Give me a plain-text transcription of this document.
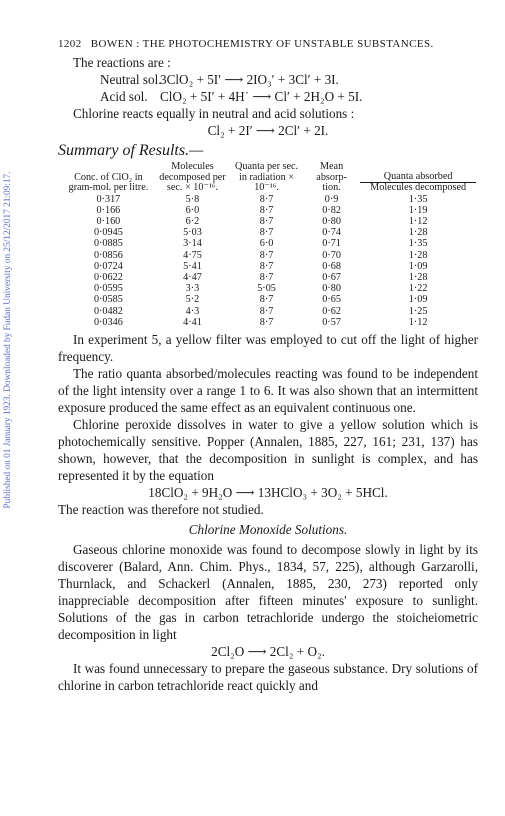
Published on 01 January 1923. Downloaded by Fudan University on 25/12/2017 21:09:17.
1202 BOWEN : THE PHOTOCHEMISTRY OF UNSTABLE SUBSTANCES.

The reactions are :

Neutral sol.
3ClO₂ + 5I′ ⟶ 2IO₃′ + 3Cl′ + 3I.
Acid sol. ClO₂ + 5I′ + 4H˙ ⟶ Cl′ + 2H₂O + 5I.

Chlorine reacts equally in neutral and acid solutions :

Cl₂ + 2I′ ⟶ 2Cl′ + 2I.
Summary of Results.—
Conc. of ClO₂ in gram-mol. per litre.	Molecules decomposed per sec. × 10⁻¹⁶.	Quanta per sec. in radiation × 10⁻¹⁶.	Mean absorp- tion.	Quanta absorbed
Molecules decomposed

0·317	5·8	8·7	0·9	1·35
0·166	6·0	8·7	0·82	1·19
0·160	6·2	8·7	0·80	1·12
0·0945	5·03	8·7	0·74	1·28
0·0885	3·14	6·0	0·71	1·35
0·0856	4·75	8·7	0·70	1·28
0·0724	5·41	8·7	0·68	1·09
0·0622	4·47	8·7	0·67	1·28
0·0595	3·3	5·05	0·80	1·22
0·0585	5·2	8·7	0·65	1·09
0·0482	4·3	8·7	0·62	1·25
0·0346	4·41	8·7	0·57	1·12

In experiment 5, a yellow filter was employed to cut off the light of higher frequency.

The ratio quanta absorbed/molecules reacting was found to be independent of the light intensity over a range 1 to 6. It was also shown that an intermittent exposure produced the same effect as an equivalent continuous one.

Chlorine peroxide dissolves in water to give a yellow solution which is photochemically sensitive. Popper (Annalen, 1885, 227, 161; 231, 137) has shown, however, that the decomposition in sunlight is complex, and has represented it by the equation

18ClO₂ + 9H₂O ⟶ 13HClO₃ + 3O₂ + 5HCl.

The reaction was therefore not studied.

Chlorine Monoxide Solutions.

Gaseous chlorine monoxide was found to decompose slowly in light by its discoverer (Balard, Ann. Chim. Phys., 1834, 57, 225), although Garzarolli, Thurnlack, and Schackerl (Annalen, 1885, 230, 273) reported only inappreciable decomposition after fifteen minutes' exposure to sunlight. Solutions of the gas in carbon tetrachloride undergo the stoicheiometric decomposition in light

2Cl₂O ⟶ 2Cl₂ + O₂.

It was found unnecessary to prepare the gaseous substance. Dry solutions of chlorine in carbon tetrachloride react quickly and
